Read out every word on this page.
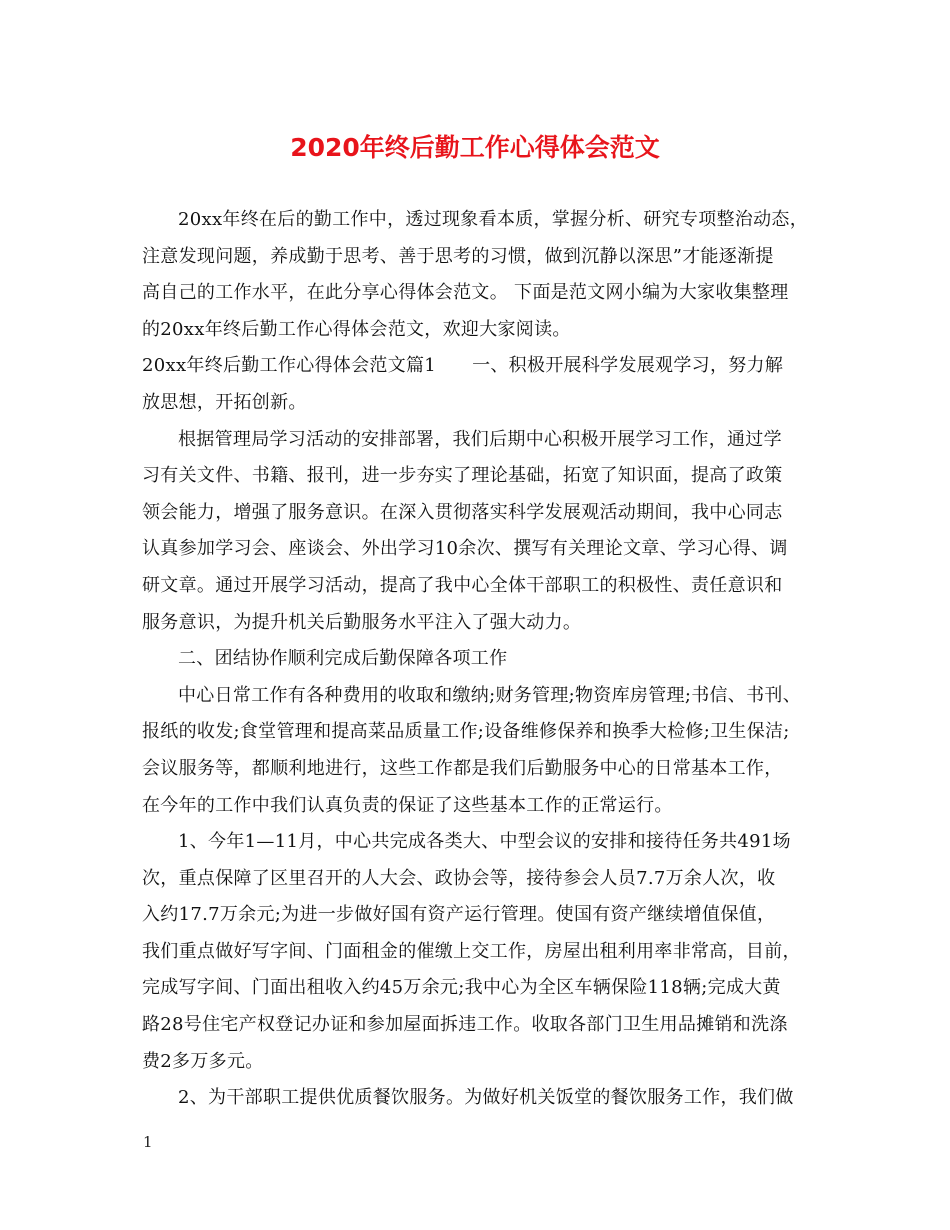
2020年终后勤工作心得体会范文
20xx年终在后的勤工作中，透过现象看本质，掌握分析、研究专项整治动态，
注意发现问题，养成勤于思考、善于思考的习惯，做到沉静以深思”才能逐渐提
高自己的工作水平，在此分享心得体会范文。 下面是范文网小编为大家收集整理
的20xx年终后勤工作心得体会范文，欢迎大家阅读。
20xx年终后勤工作心得体会范文篇1 一、积极开展科学发展观学习，努力解
放思想，开拓创新。
根据管理局学习活动的安排部署，我们后期中心积极开展学习工作，通过学
习有关文件、书籍、报刊，进一步夯实了理论基础，拓宽了知识面，提高了政策
领会能力，增强了服务意识。在深入贯彻落实科学发展观活动期间，我中心同志
认真参加学习会、座谈会、外出学习10余次、撰写有关理论文章、学习心得、调
研文章。通过开展学习活动，提高了我中心全体干部职工的积极性、责任意识和
服务意识，为提升机关后勤服务水平注入了强大动力。
二、团结协作顺利完成后勤保障各项工作
中心日常工作有各种费用的收取和缴纳;财务管理;物资库房管理;书信、书刊、
报纸的收发;食堂管理和提高菜品质量工作;设备维修保养和换季大检修;卫生保洁;
会议服务等，都顺利地进行，这些工作都是我们后勤服务中心的日常基本工作，
在今年的工作中我们认真负责的保证了这些基本工作的正常运行。
1、今年1—11月，中心共完成各类大、中型会议的安排和接待任务共491场
次，重点保障了区里召开的人大会、政协会等，接待参会人员7.7万余人次，收
入约17.7万余元;为进一步做好国有资产运行管理。使国有资产继续增值保值，
我们重点做好写字间、门面租金的催缴上交工作，房屋出租利用率非常高，目前，
完成写字间、门面出租收入约45万余元;我中心为全区车辆保险118辆;完成大黄
路28号住宅产权登记办证和参加屋面拆违工作。收取各部门卫生用品摊销和洗涤
费2多万多元。
2、为干部职工提供优质餐饮服务。为做好机关饭堂的餐饮服务工作，我们做
1
